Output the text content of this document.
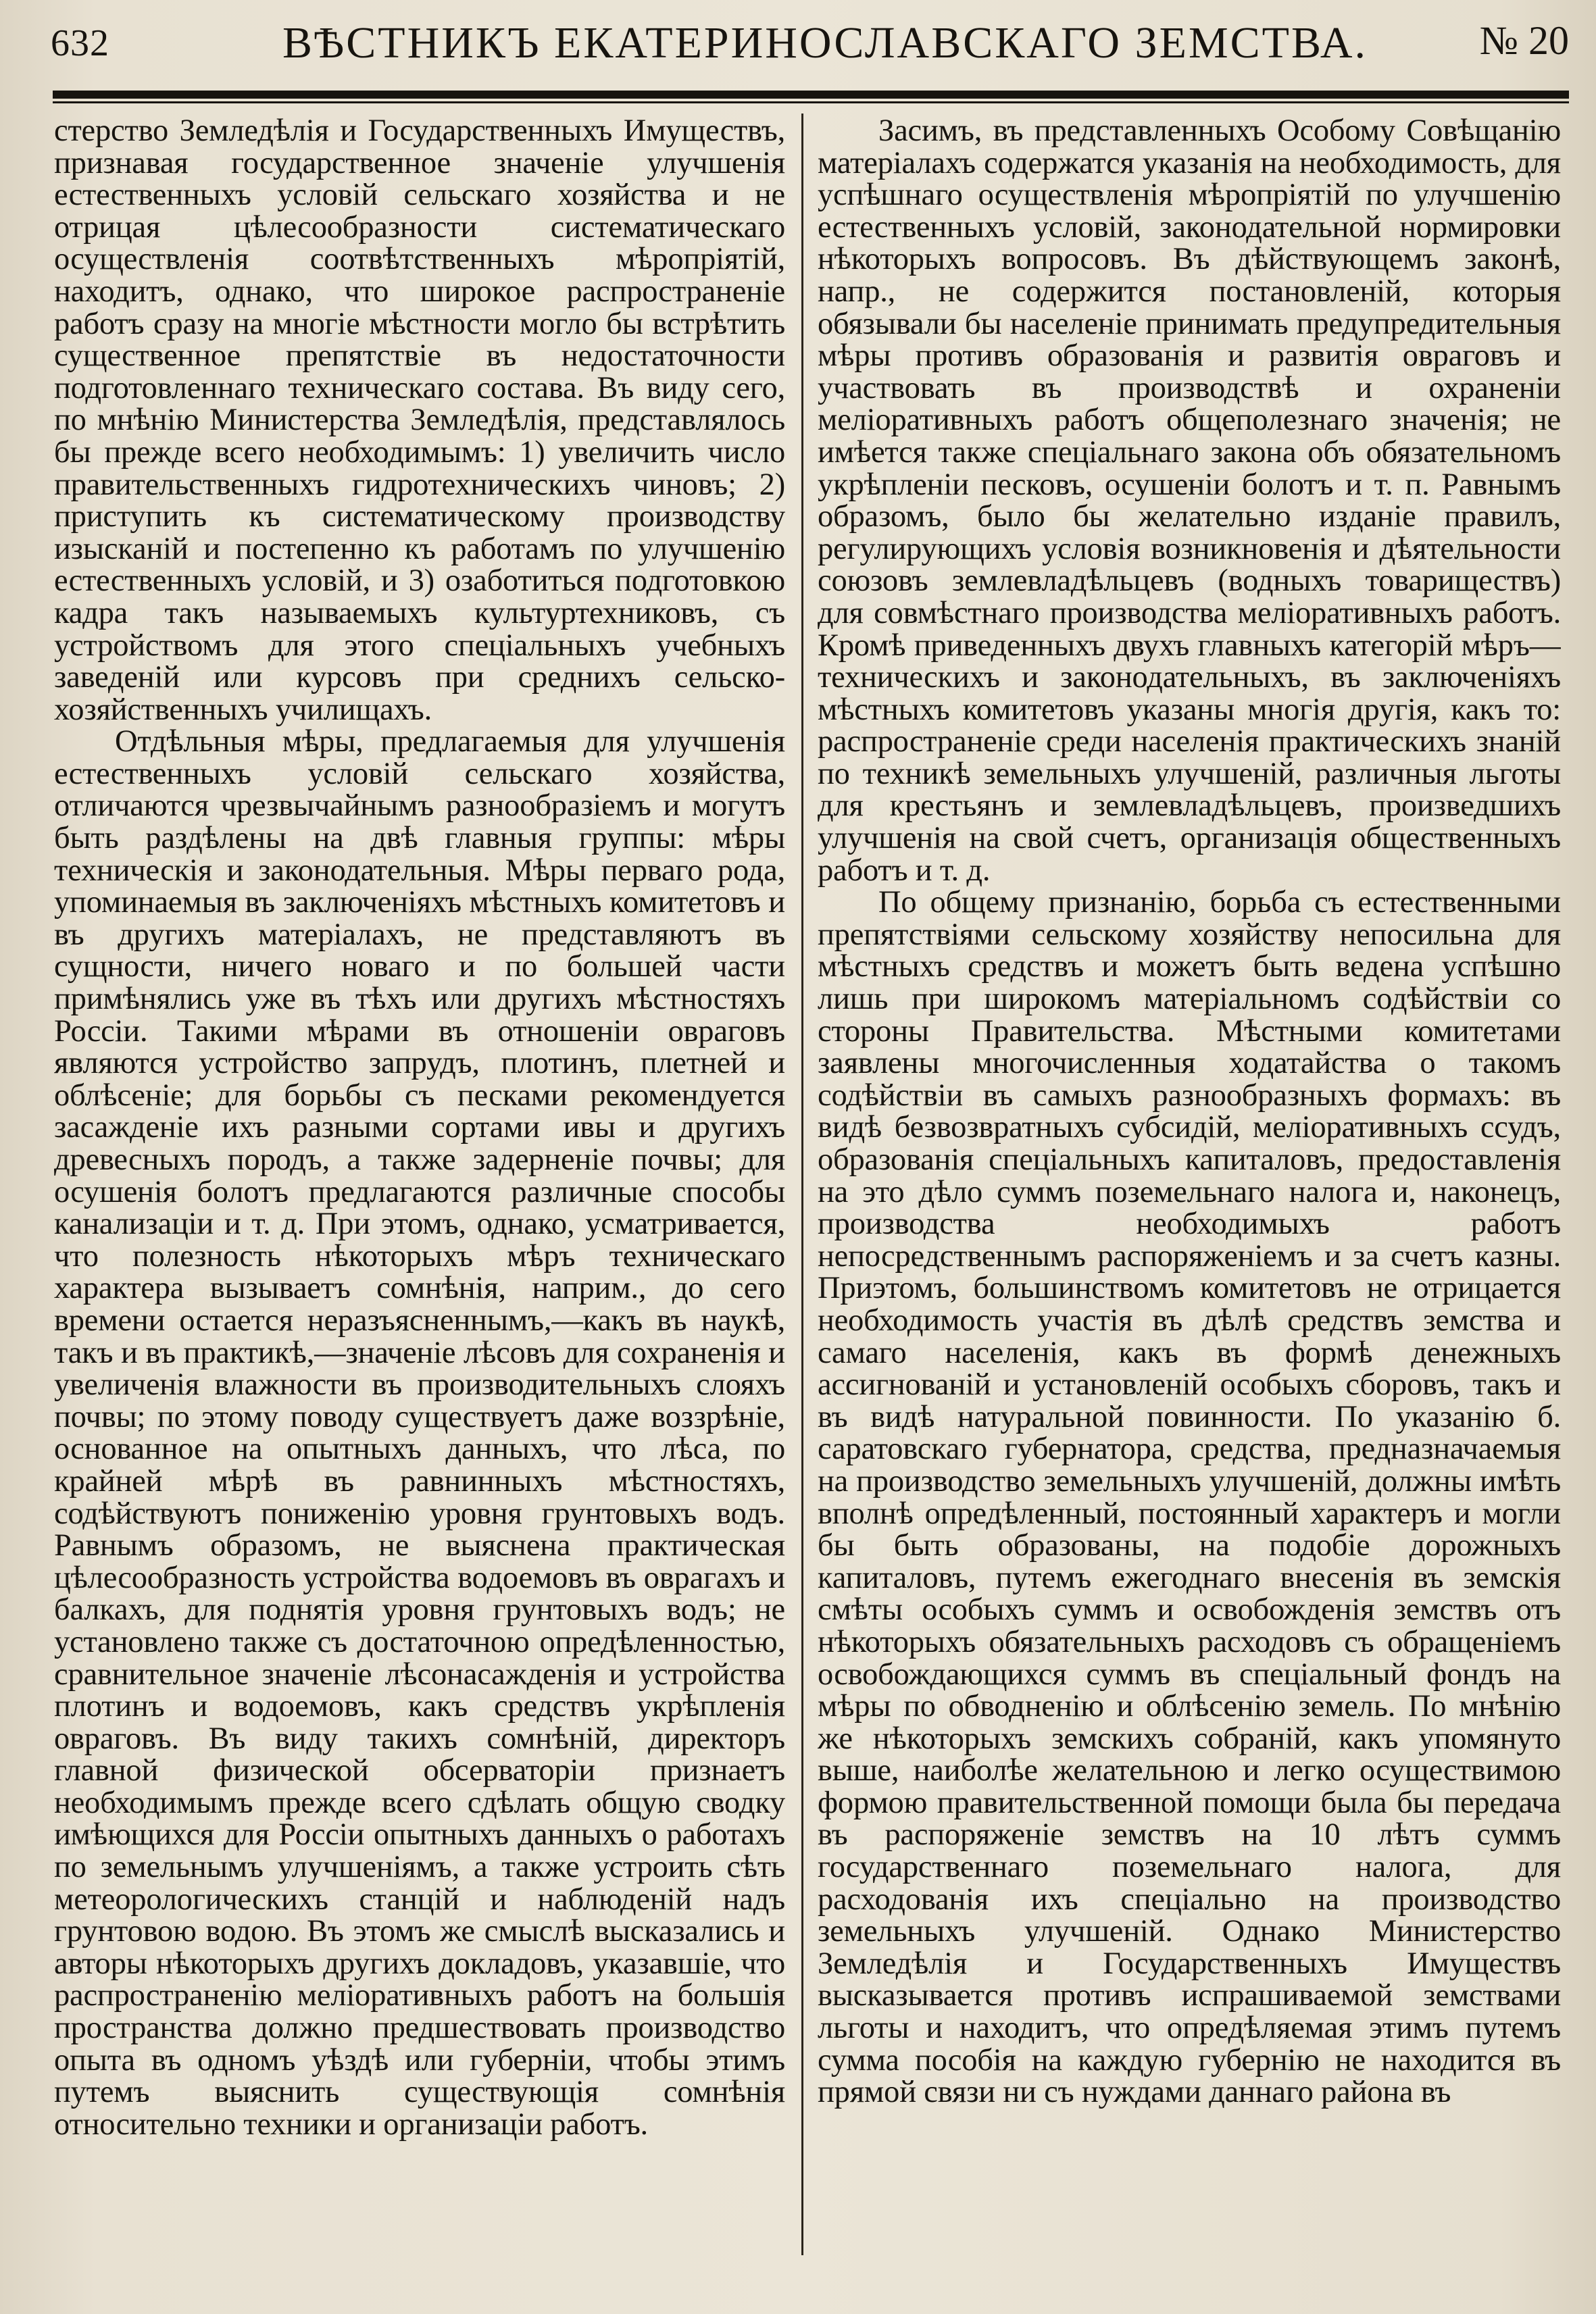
632	ВѢСТНИКЪ ЕКАТЕРИНОСЛАВСКАГО ЗЕМСТВА.	№ 20

стерство Земледѣлія и Государственныхъ Имуществъ, признавая государственное значеніе улучшенія естественныхъ условій сельскаго хозяйства и не отрицая цѣлесообразности систематическаго осуществленія соотвѣтственныхъ мѣропріятій, находитъ, однако, что широкое распространеніе работъ сразу на многіе мѣстности могло бы встрѣтить существенное препятствіе въ недостаточности подготовленнаго техническаго состава. Въ виду сего, по мнѣнію Министерства Земледѣлія, представлялось бы прежде всего необходимымъ: 1) увеличить число правительственныхъ гидротехническихъ чиновъ; 2) приступить къ систематическому производству изысканій и постепенно къ работамъ по улучшенію естественныхъ условій, и 3) озаботиться подготовкою кадра такъ называемыхъ культуртехниковъ, съ устройствомъ для этого спеціальныхъ учебныхъ заведеній или курсовъ при среднихъ сельско-хозяйственныхъ училищахъ.

Отдѣльныя мѣры, предлагаемыя для улучшенія естественныхъ условій сельскаго хозяйства, отличаются чрезвычайнымъ разнообразіемъ и могутъ быть раздѣлены на двѣ главныя группы: мѣры техническія и законодательныя. Мѣры перваго рода, упоминаемыя въ заключеніяхъ мѣстныхъ комитетовъ и въ другихъ матеріалахъ, не представляютъ въ сущности, ничего новаго и по большей части примѣнялись уже въ тѣхъ или другихъ мѣстностяхъ Россіи. Такими мѣрами въ отношеніи овраговъ являются устройство запрудъ, плотинъ, плетней и облѣсеніе; для борьбы съ песками рекомендуется засажденіе ихъ разными сортами ивы и другихъ древесныхъ породъ, а также задерненіе почвы; для осушенія болотъ предлагаются различные способы канализаціи и т. д. При этомъ, однако, усматривается, что полезность нѣкоторыхъ мѣръ техническаго характера вызываетъ сомнѣнія, наприм., до сего времени остается неразъясненнымъ,—какъ въ наукѣ, такъ и въ практикѣ,—значеніе лѣсовъ для сохраненія и увеличенія влажности въ производительныхъ слояхъ почвы; по этому поводу существуетъ даже воззрѣніе, основанное на опытныхъ данныхъ, что лѣса, по крайней мѣрѣ въ равнинныхъ мѣстностяхъ, содѣйствуютъ пониженію уровня грунтовыхъ водъ. Равнымъ образомъ, не выяснена практическая цѣлесообразность устройства водоемовъ въ оврагахъ и балкахъ, для поднятія уровня грунтовыхъ водъ; не установлено также съ достаточною опредѣленностью, сравнительное значеніе лѣсонасажденія и устройства плотинъ и водоемовъ, какъ средствъ укрѣпленія овраговъ. Въ виду такихъ сомнѣній, директоръ главной физической обсерваторіи признаетъ необходимымъ прежде всего сдѣлать общую сводку имѣющихся для Россіи опытныхъ данныхъ о работахъ по земельнымъ улучшеніямъ, а также устроить сѣть метеорологическихъ станцій и наблюденій надъ грунтовою водою. Въ этомъ же смыслѣ высказались и авторы нѣкоторыхъ другихъ докладовъ, указавшіе, что распространенію меліоративныхъ работъ на большія пространства должно предшествовать производство опыта въ одномъ уѣздѣ или губерніи, чтобы этимъ путемъ выяснить существующія сомнѣнія относительно техники и организаціи работъ.

Засимъ, въ представленныхъ Особому Совѣщанію матеріалахъ содержатся указанія на необходимость, для успѣшнаго осуществленія мѣропріятій по улучшенію естественныхъ условій, законодательной нормировки нѣкоторыхъ вопросовъ. Въ дѣйствующемъ законѣ, напр., не содержится постановленій, которыя обязывали бы населеніе принимать предупредительныя мѣры противъ образованія и развитія овраговъ и участвовать въ производствѣ и охраненіи меліоративныхъ работъ общеполезнаго значенія; не имѣется также спеціальнаго закона объ обязательномъ укрѣпленіи песковъ, осушеніи болотъ и т. п. Равнымъ образомъ, было бы желательно изданіе правилъ, регулирующихъ условія возникновенія и дѣятельности союзовъ землевладѣльцевъ (водныхъ товариществъ) для совмѣстнаго производства меліоративныхъ работъ. Кромѣ приведенныхъ двухъ главныхъ категорій мѣръ—техническихъ и законодательныхъ, въ заключеніяхъ мѣстныхъ комитетовъ указаны многія другія, какъ то: распространеніе среди населенія практическихъ знаній по техникѣ земельныхъ улучшеній, различныя льготы для крестьянъ и землевладѣльцевъ, произведшихъ улучшенія на свой счетъ, организація общественныхъ работъ и т. д.

По общему признанію, борьба съ естественными препятствіями сельскому хозяйству непосильна для мѣстныхъ средствъ и можетъ быть ведена успѣшно лишь при широкомъ матеріальномъ содѣйствіи со стороны Правительства. Мѣстными комитетами заявлены многочисленныя ходатайства о такомъ содѣйствіи въ самыхъ разнообразныхъ формахъ: въ видѣ безвозвратныхъ субсидій, меліоративныхъ ссудъ, образованія спеціальныхъ капиталовъ, предоставленія на это дѣло суммъ поземельнаго налога и, наконецъ, производства необходимыхъ работъ непосредственнымъ распоряженіемъ и за счетъ казны. Приэтомъ, большинствомъ комитетовъ не отрицается необходимость участія въ дѣлѣ средствъ земства и самаго населенія, какъ въ формѣ денежныхъ ассигнованій и установленій особыхъ сборовъ, такъ и въ видѣ натуральной повинности. По указанію б. саратовскаго губернатора, средства, предназначаемыя на производство земельныхъ улучшеній, должны имѣть вполнѣ опредѣленный, постоянный характеръ и могли бы быть образованы, на подобіе дорожныхъ капиталовъ, путемъ ежегоднаго внесенія въ земскія смѣты особыхъ суммъ и освобожденія земствъ отъ нѣкоторыхъ обязательныхъ расходовъ съ обращеніемъ освобождающихся суммъ въ спеціальный фондъ на мѣры по обводненію и облѣсенію земель. По мнѣнію же нѣкоторыхъ земскихъ собраній, какъ упомянуто выше, наиболѣе желательною и легко осуществимою формою правительственной помощи была бы передача въ распоряженіе земствъ на 10 лѣтъ суммъ государственнаго поземельнаго налога, для расходованія ихъ спеціально на производство земельныхъ улучшеній. Однако Министерство Земледѣлія и Государственныхъ Имуществъ высказывается противъ испрашиваемой земствами льготы и находитъ, что опредѣляемая этимъ путемъ сумма пособія на каждую губернію не находится въ прямой связи ни съ нуждами даннаго района въ
